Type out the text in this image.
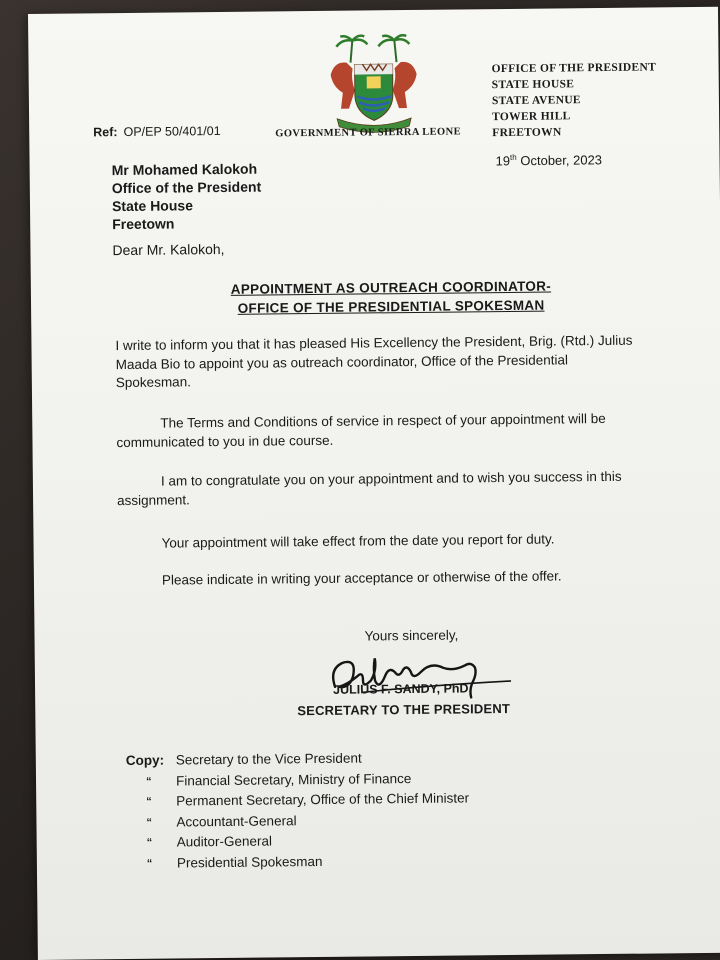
OFFICE OF THE PRESIDENT
STATE HOUSE
STATE AVENUE
TOWER HILL
FREETOWN
GOVERNMENT OF SIERRA LEONE
Ref: OP/EP 50/401/01
19th October, 2023
Mr Mohamed Kalokoh
Office of the President
State House
Freetown
Dear Mr. Kalokoh,
APPOINTMENT AS OUTREACH COORDINATOR-
OFFICE OF THE PRESIDENTIAL SPOKESMAN
I write to inform you that it has pleased His Excellency the President, Brig. (Rtd.) Julius
Maada Bio to appoint you as outreach coordinator, Office of the Presidential
Spokesman.
The Terms and Conditions of service in respect of your appointment will be
communicated to you in due course.
I am to congratulate you on your appointment and to wish you success in this
assignment.
Your appointment will take effect from the date you report for duty.
Please indicate in writing your acceptance or otherwise of the offer.
Yours sincerely,
JULIUS F. SANDY, PhD
SECRETARY TO THE PRESIDENT
Copy: Secretary to the Vice President
“	Financial Secretary, Ministry of Finance
“	Permanent Secretary, Office of the Chief Minister
“	Accountant-General
“	Auditor-General
“	Presidential Spokesman
